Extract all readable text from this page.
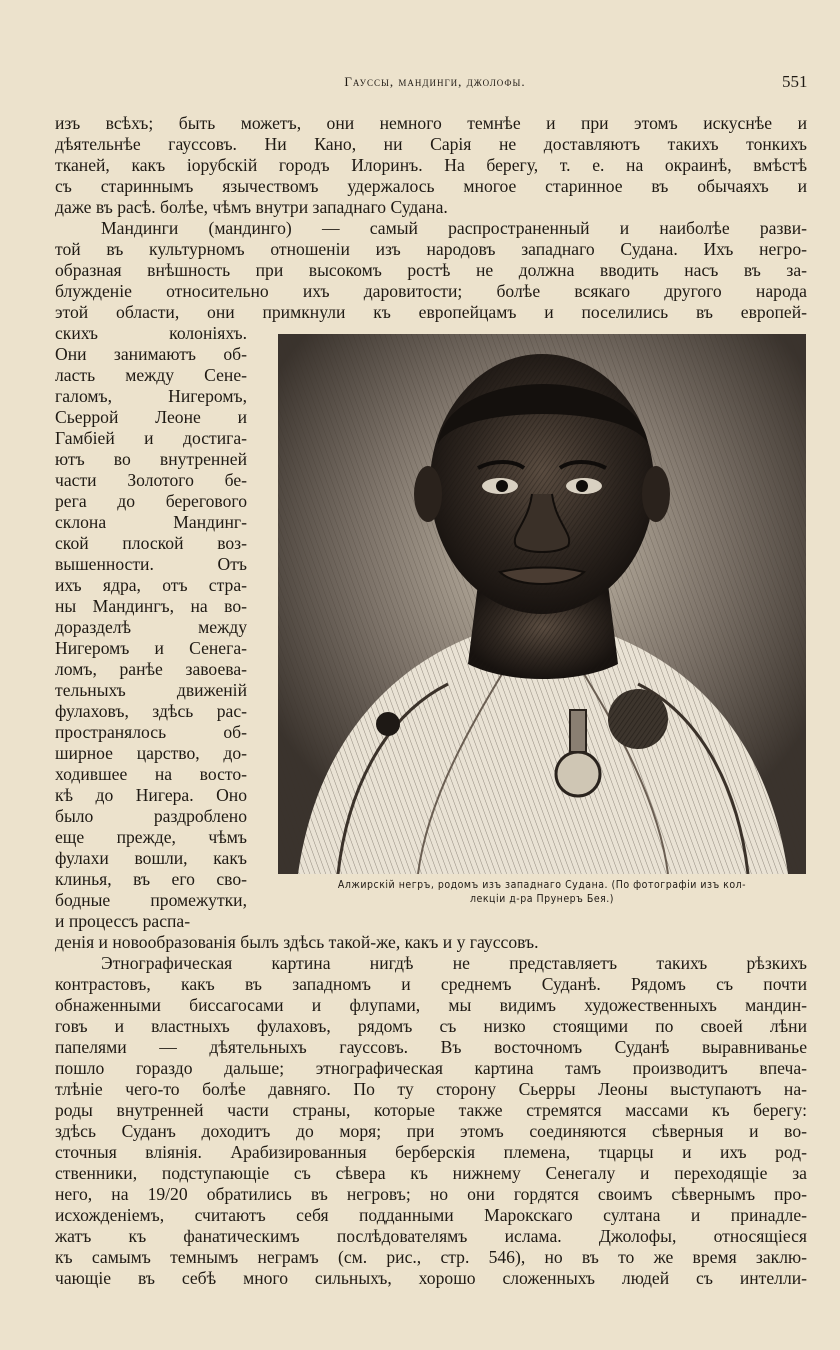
Гауссы, мандинги, джолофы.	551
изъ всѣхъ; быть можетъ, они немного темнѣе и при этомъ искуснѣе и
дѣятельнѣе гауссовъ. Ни Кано, ни Сарія не доставляютъ такихъ тонкихъ
тканей, какъ іорубскій городъ Илоринъ. На берегу, т. е. на окраинѣ, вмѣстѣ
съ стариннымъ язычествомъ удержалось многое старинное въ обычаяхъ и
даже въ расѣ. болѣе, чѣмъ внутри западнаго Судана.
Мандинги (мандинго) — самый распространенный и наиболѣе разви-
той въ культурномъ отношеніи изъ народовъ западнаго Судана. Ихъ негро-
образная внѣшность при высокомъ ростѣ не должна вводить насъ въ за-
блужденіе относительно ихъ даровитости; болѣе всякаго другого народа
этой области, они примкнули къ европейцамъ и поселились въ европей-
скихъ колоніяхъ.
Они занимаютъ об-
ласть между Сене-
галомъ, Нигеромъ,
Сьеррой Леоне и
Гамбіей и достига-
ютъ во внутренней
части Золотого бе-
рега до берегового
склона Мандинг-
ской плоской воз-
вышенности. Отъ
ихъ ядра, отъ стра-
ны Мандингъ, на во-
доразделѣ между
Нигеромъ и Сенега-
ломъ, ранѣе завоева-
тельныхъ движеній
фулаховъ, здѣсь рас-
пространялось об-
ширное царство, до-
ходившее на восто-
кѣ до Нигера. Оно
было раздроблено
еще прежде, чѣмъ
фулахи вошли, какъ
клинья, въ его сво-
бодные промежутки,
и процессъ распа-
Алжирскій негръ, родомъ изъ западнаго Судана. (По фотографіи изъ кол-
лекціи д-ра Прунеръ Бея.)
денія и новообразованія былъ здѣсь такой-же, какъ и у гауссовъ.
Этнографическая картина нигдѣ не представляетъ такихъ рѣзкихъ
контрастовъ, какъ въ западномъ и среднемъ Суданѣ. Рядомъ съ почти
обнаженными биссагосами и флупами, мы видимъ художественныхъ мандин-
говъ и властныхъ фулаховъ, рядомъ съ низко стоящими по своей лѣни
папелями — дѣятельныхъ гауссовъ. Въ восточномъ Суданѣ выравниванье
пошло гораздо дальше; этнографическая картина тамъ производитъ впеча-
тлѣніе чего-то болѣе давняго. По ту сторону Сьерры Леоны выступаютъ на-
роды внутренней части страны, которые также стремятся массами къ берегу:
здѣсь Суданъ доходитъ до моря; при этомъ соединяются сѣверныя и во-
сточныя вліянія. Арабизированныя берберскія племена, тцарцы и ихъ род-
ственники, подступающіе съ сѣвера къ нижнему Сенегалу и переходящіе за
него, на 19/20 обратились въ негровъ; но они гордятся своимъ сѣвернымъ про-
исхожденіемъ, считаютъ себя подданными Марокскаго султана и принадле-
жатъ къ фанатическимъ послѣдователямъ ислама. Джолофы, относящіеся
къ самымъ темнымъ неграмъ (см. рис., стр. 546), но въ то же время заклю-
чающіе въ себѣ много сильныхъ, хорошо сложенныхъ людей съ интелли-
